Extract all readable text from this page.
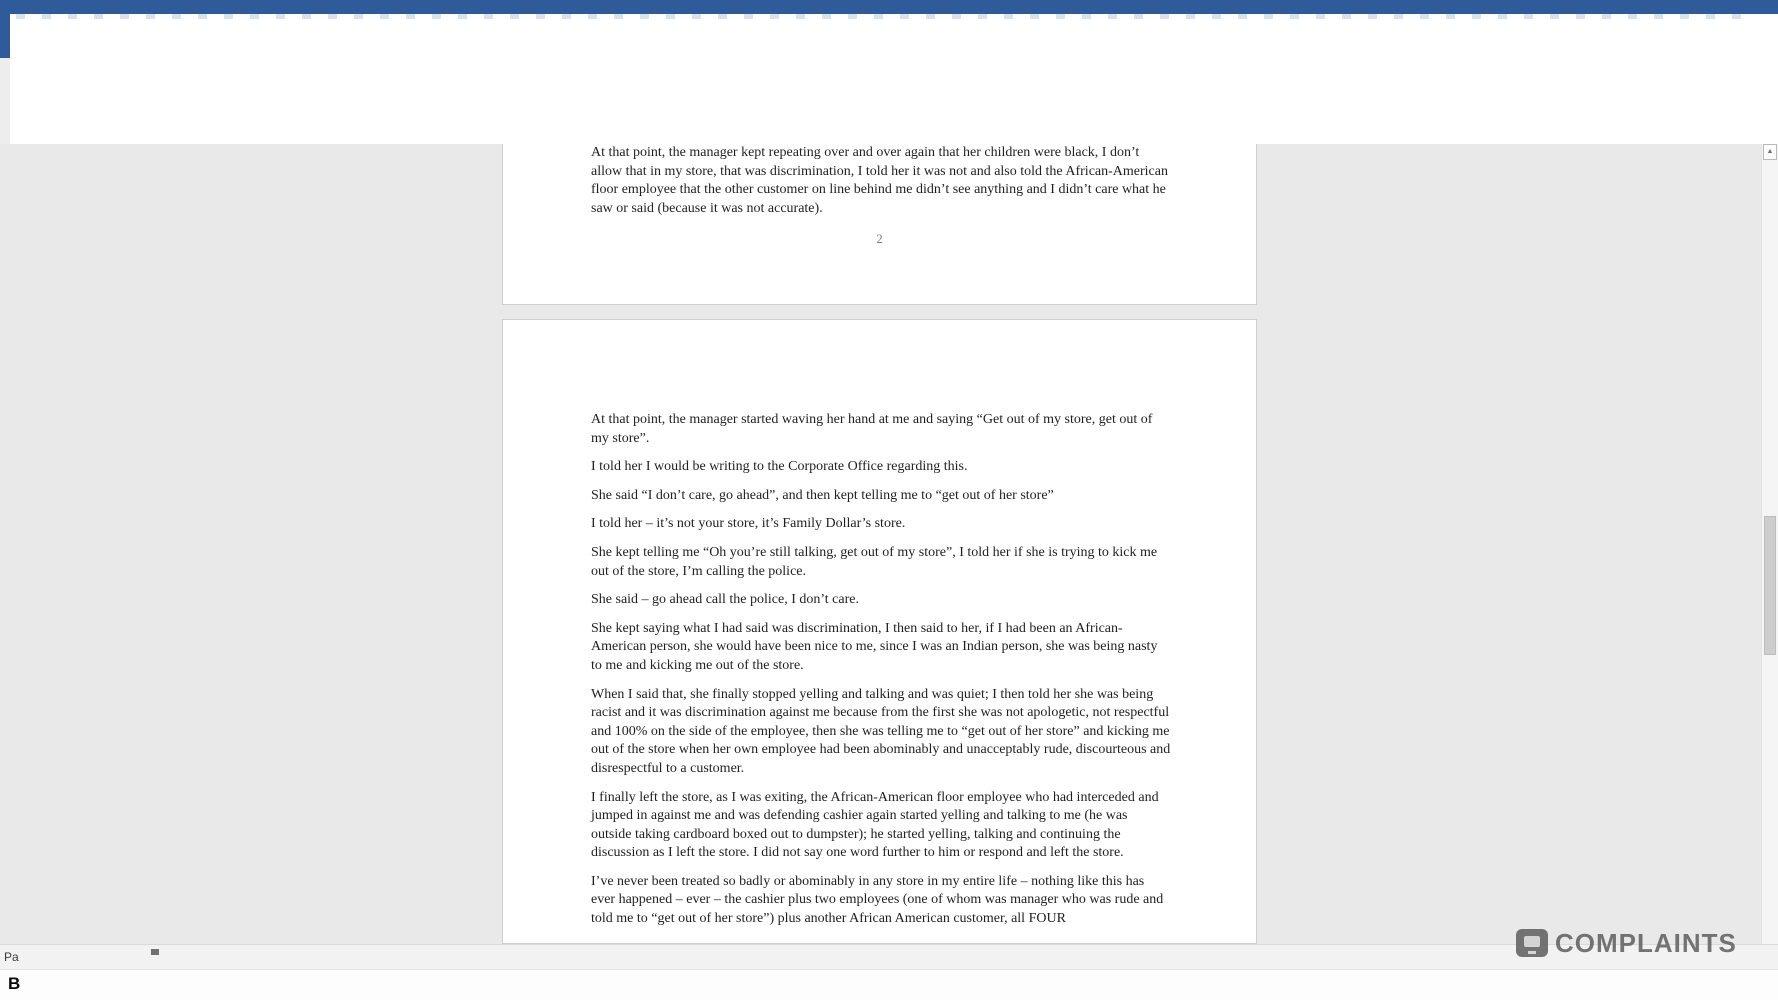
At that point, the manager kept repeating over and over again that her children were black, I don’t allow that in my store, that was discrimination, I told her it was not and also told the African-American floor employee that the other customer on line behind me didn’t see anything and I didn’t care what he saw or said (because it was not accurate).
2

At that point, the manager started waving her hand at me and saying “Get out of my store, get out of my store”.

I told her I would be writing to the Corporate Office regarding this.

She said “I don’t care, go ahead”, and then kept telling me to “get out of her store”

I told her – it’s not your store, it’s Family Dollar’s store.

She kept telling me “Oh you’re still talking, get out of my store”, I told her if she is trying to kick me out of the store, I’m calling the police.

She said – go ahead call the police, I don’t care.

She kept saying what I had said was discrimination, I then said to her, if I had been an African-American person, she would have been nice to me, since I was an Indian person, she was being nasty to me and kicking me out of the store.

When I said that, she finally stopped yelling and talking and was quiet; I then told her she was being racist and it was discrimination against me because from the first she was not apologetic, not respectful and 100% on the side of the employee, then she was telling me to “get out of her store” and kicking me out of the store when her own employee had been abominably and unacceptably rude, discourteous and disrespectful to a customer.

I finally left the store, as I was exiting, the African-American floor employee who had interceded and jumped in against me and was defending cashier again started yelling and talking to me (he was outside taking cardboard boxed out to dumpster); he started yelling, talking and continuing the discussion as I left the store. I did not say one word further to him or respond and left the store.

I’ve never been treated so badly or abominably in any store in my entire life – nothing like this has ever happened – ever – the cashier plus two employees (one of whom was manager who was rude and told me to “get out of her store”) plus another African American customer, all FOUR

▲
Pa	COMPLAINTS
B
